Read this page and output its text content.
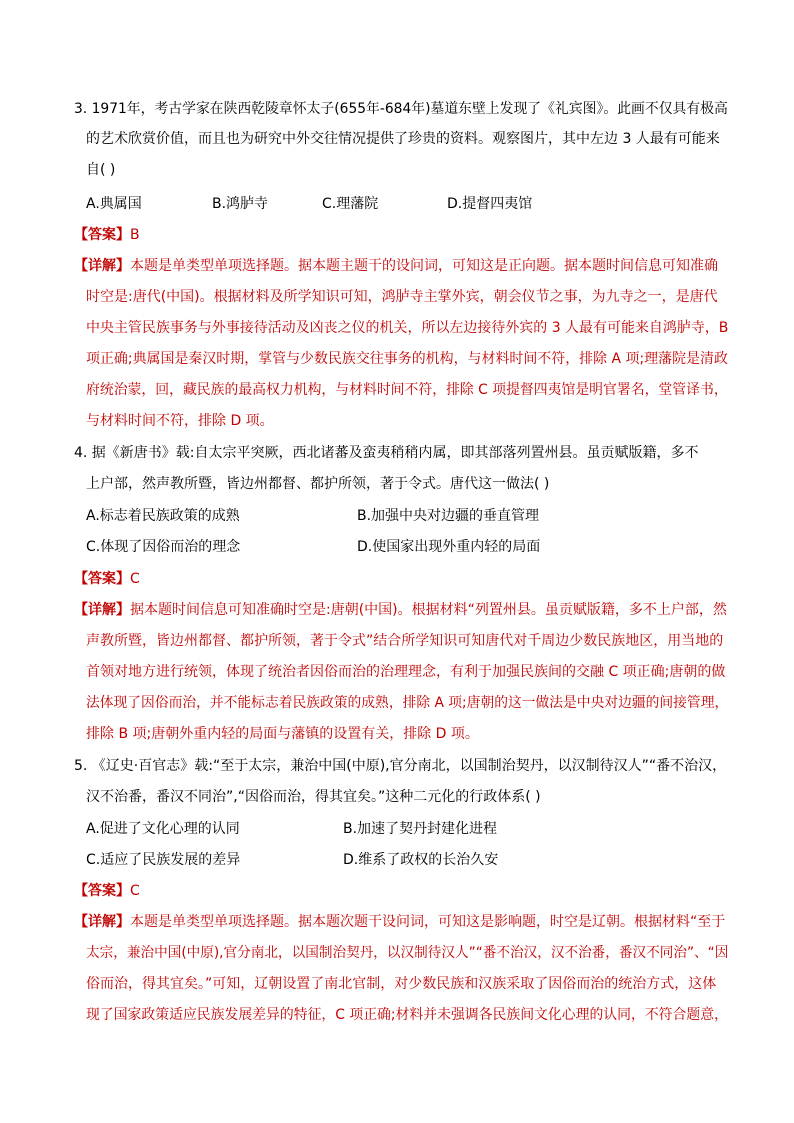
3. 1971年，考古学家在陕西乾陵章怀太子(655年-684年)墓道东壁上发现了《礼宾图》。此画不仅具有极高
的艺术欣赏价值，而且也为研究中外交往情况提供了珍贵的资料。观察图片，其中左边 3 人最有可能来
自( )
A.典属国	B.鸿胪寺	C.理藩院	D.提督四夷馆
【答案】B
【详解】本题是单类型单项选择题。据本题主题干的设问词，可知这是正向题。据本题时间信息可知准确
时空是:唐代(中国)。根据材料及所学知识可知，鸿胪寺主掌外宾，朝会仪节之事，为九寺之一，是唐代
中央主管民族事务与外事接待活动及凶丧之仪的机关，所以左边接待外宾的 3 人最有可能来自鸿胪寺，B
项正确;典属国是秦汉时期，掌管与少数民族交往事务的机构，与材料时间不符，排除 A 项;理藩院是清政
府统治蒙，回，藏民族的最高权力机构，与材料时间不符，排除 C 项提督四夷馆是明官署名，堂管译书，
与材料时间不符，排除 D 项。
4. 据《新唐书》载:自太宗平突厥，西北诸蕃及蛮夷稍稍内属，即其部落列置州县。虽贡赋版籍，多不
上户部，然声教所暨，皆边州都督、都护所领，著于令式。唐代这一做法( )
A.标志着民族政策的成熟	B.加强中央对边疆的垂直管理
C.体现了因俗而治的理念	D.使国家出现外重内轻的局面
【答案】C
【详解】据本题时间信息可知准确时空是:唐朝(中国)。根据材料“列置州县。虽贡赋版籍，多不上户部，然
声教所暨，皆边州都督、都护所领，著于令式”结合所学知识可知唐代对千周边少数民族地区，用当地的
首领对地方进行统领，体现了统治者因俗而治的治理理念，有利于加强民族间的交融 C 项正确;唐朝的做
法体现了因俗而治，并不能标志着民族政策的成熟，排除 A 项;唐朝的这一做法是中央对边疆的间接管理，
排除 B 项;唐朝外重内轻的局面与藩镇的设置有关，排除 D 项。
5. 《辽史·百官志》载:“至于太宗，兼治中国(中原),官分南北，以国制治契丹，以汉制待汉人”“番不治汉，
汉不治番，番汉不同治”,“因俗而治，得其宜矣。”这种二元化的行政体系( )
A.促进了文化心理的认同	B.加速了契丹封建化进程
C.适应了民族发展的差异	D.维系了政权的长治久安
【答案】C
【详解】本题是单类型单项选择题。据本题次题干设问词，可知这是影响题，时空是辽朝。根据材料“至于
太宗，兼治中国(中原),官分南北，以国制治契丹，以汉制待汉人”“番不治汉，汉不治番，番汉不同治”、“因
俗而治，得其宜矣。”可知，辽朝设置了南北官制，对少数民族和汉族采取了因俗而治的统治方式，这体
现了国家政策适应民族发展差异的特征，C 项正确;材料并未强调各民族间文化心理的认同，不符合题意，
